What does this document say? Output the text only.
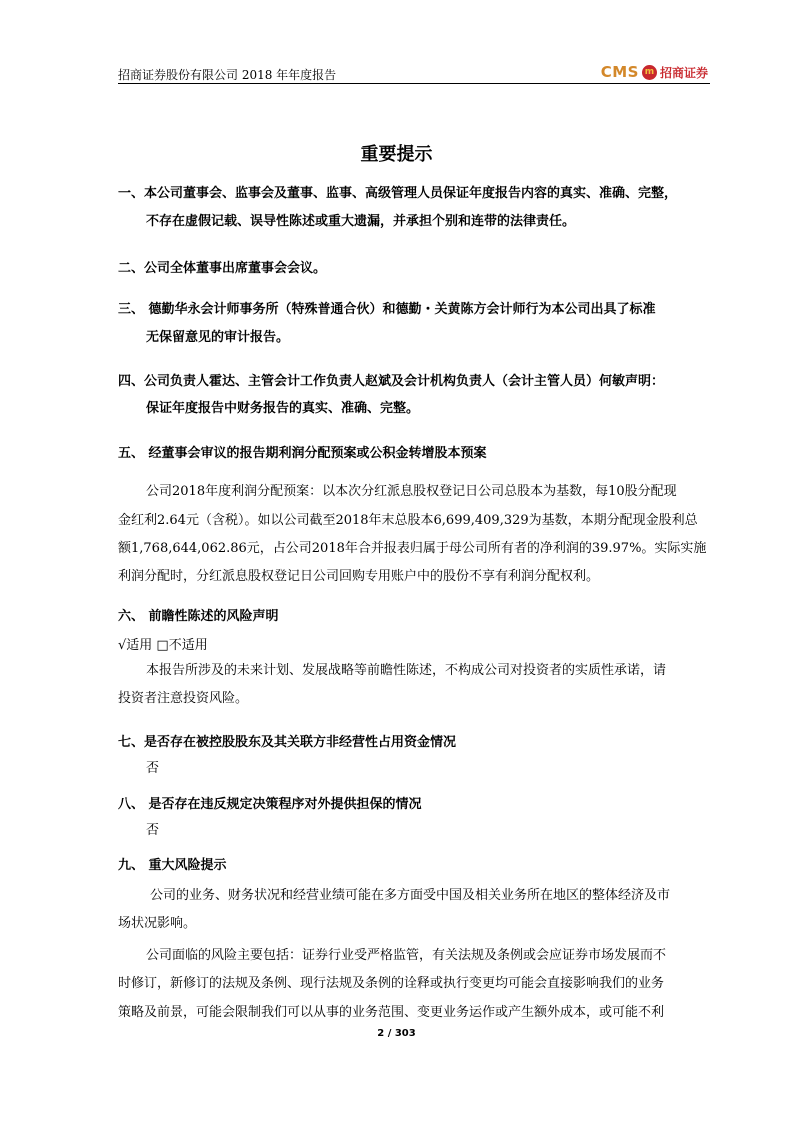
招商证券股份有限公司 2018 年年度报告	CMS m 招商证券
重要提示
一、本公司董事会、监事会及董事、监事、高级管理人员保证年度报告内容的真实、准确、完整，
不存在虚假记载、误导性陈述或重大遗漏，并承担个别和连带的法律责任。
二、公司全体董事出席董事会会议。
三、 德勤华永会计师事务所（特殊普通合伙）和德勤・关黄陈方会计师行为本公司出具了标准
无保留意见的审计报告。
四、公司负责人霍达、主管会计工作负责人赵斌及会计机构负责人（会计主管人员）何敏声明：
保证年度报告中财务报告的真实、准确、完整。
五、 经董事会审议的报告期利润分配预案或公积金转增股本预案
公司2018年度利润分配预案：以本次分红派息股权登记日公司总股本为基数，每10股分配现
金红利2.64元（含税）。如以公司截至2018年末总股本6,699,409,329为基数，本期分配现金股利总
额1,768,644,062.86元，占公司2018年合并报表归属于母公司所有者的净利润的39.97%。实际实施
利润分配时，分红派息股权登记日公司回购专用账户中的股份不享有利润分配权利。
六、 前瞻性陈述的风险声明
√适用 □不适用
本报告所涉及的未来计划、发展战略等前瞻性陈述，不构成公司对投资者的实质性承诺，请
投资者注意投资风险。
七、是否存在被控股股东及其关联方非经营性占用资金情况
否
八、 是否存在违反规定决策程序对外提供担保的情况
否
九、 重大风险提示
公司的业务、财务状况和经营业绩可能在多方面受中国及相关业务所在地区的整体经济及市
场状况影响。
公司面临的风险主要包括：证券行业受严格监管，有关法规及条例或会应证券市场发展而不
时修订，新修订的法规及条例、现行法规及条例的诠释或执行变更均可能会直接影响我们的业务
策略及前景，可能会限制我们可以从事的业务范围、变更业务运作或产生额外成本，或可能不利
2 / 303
